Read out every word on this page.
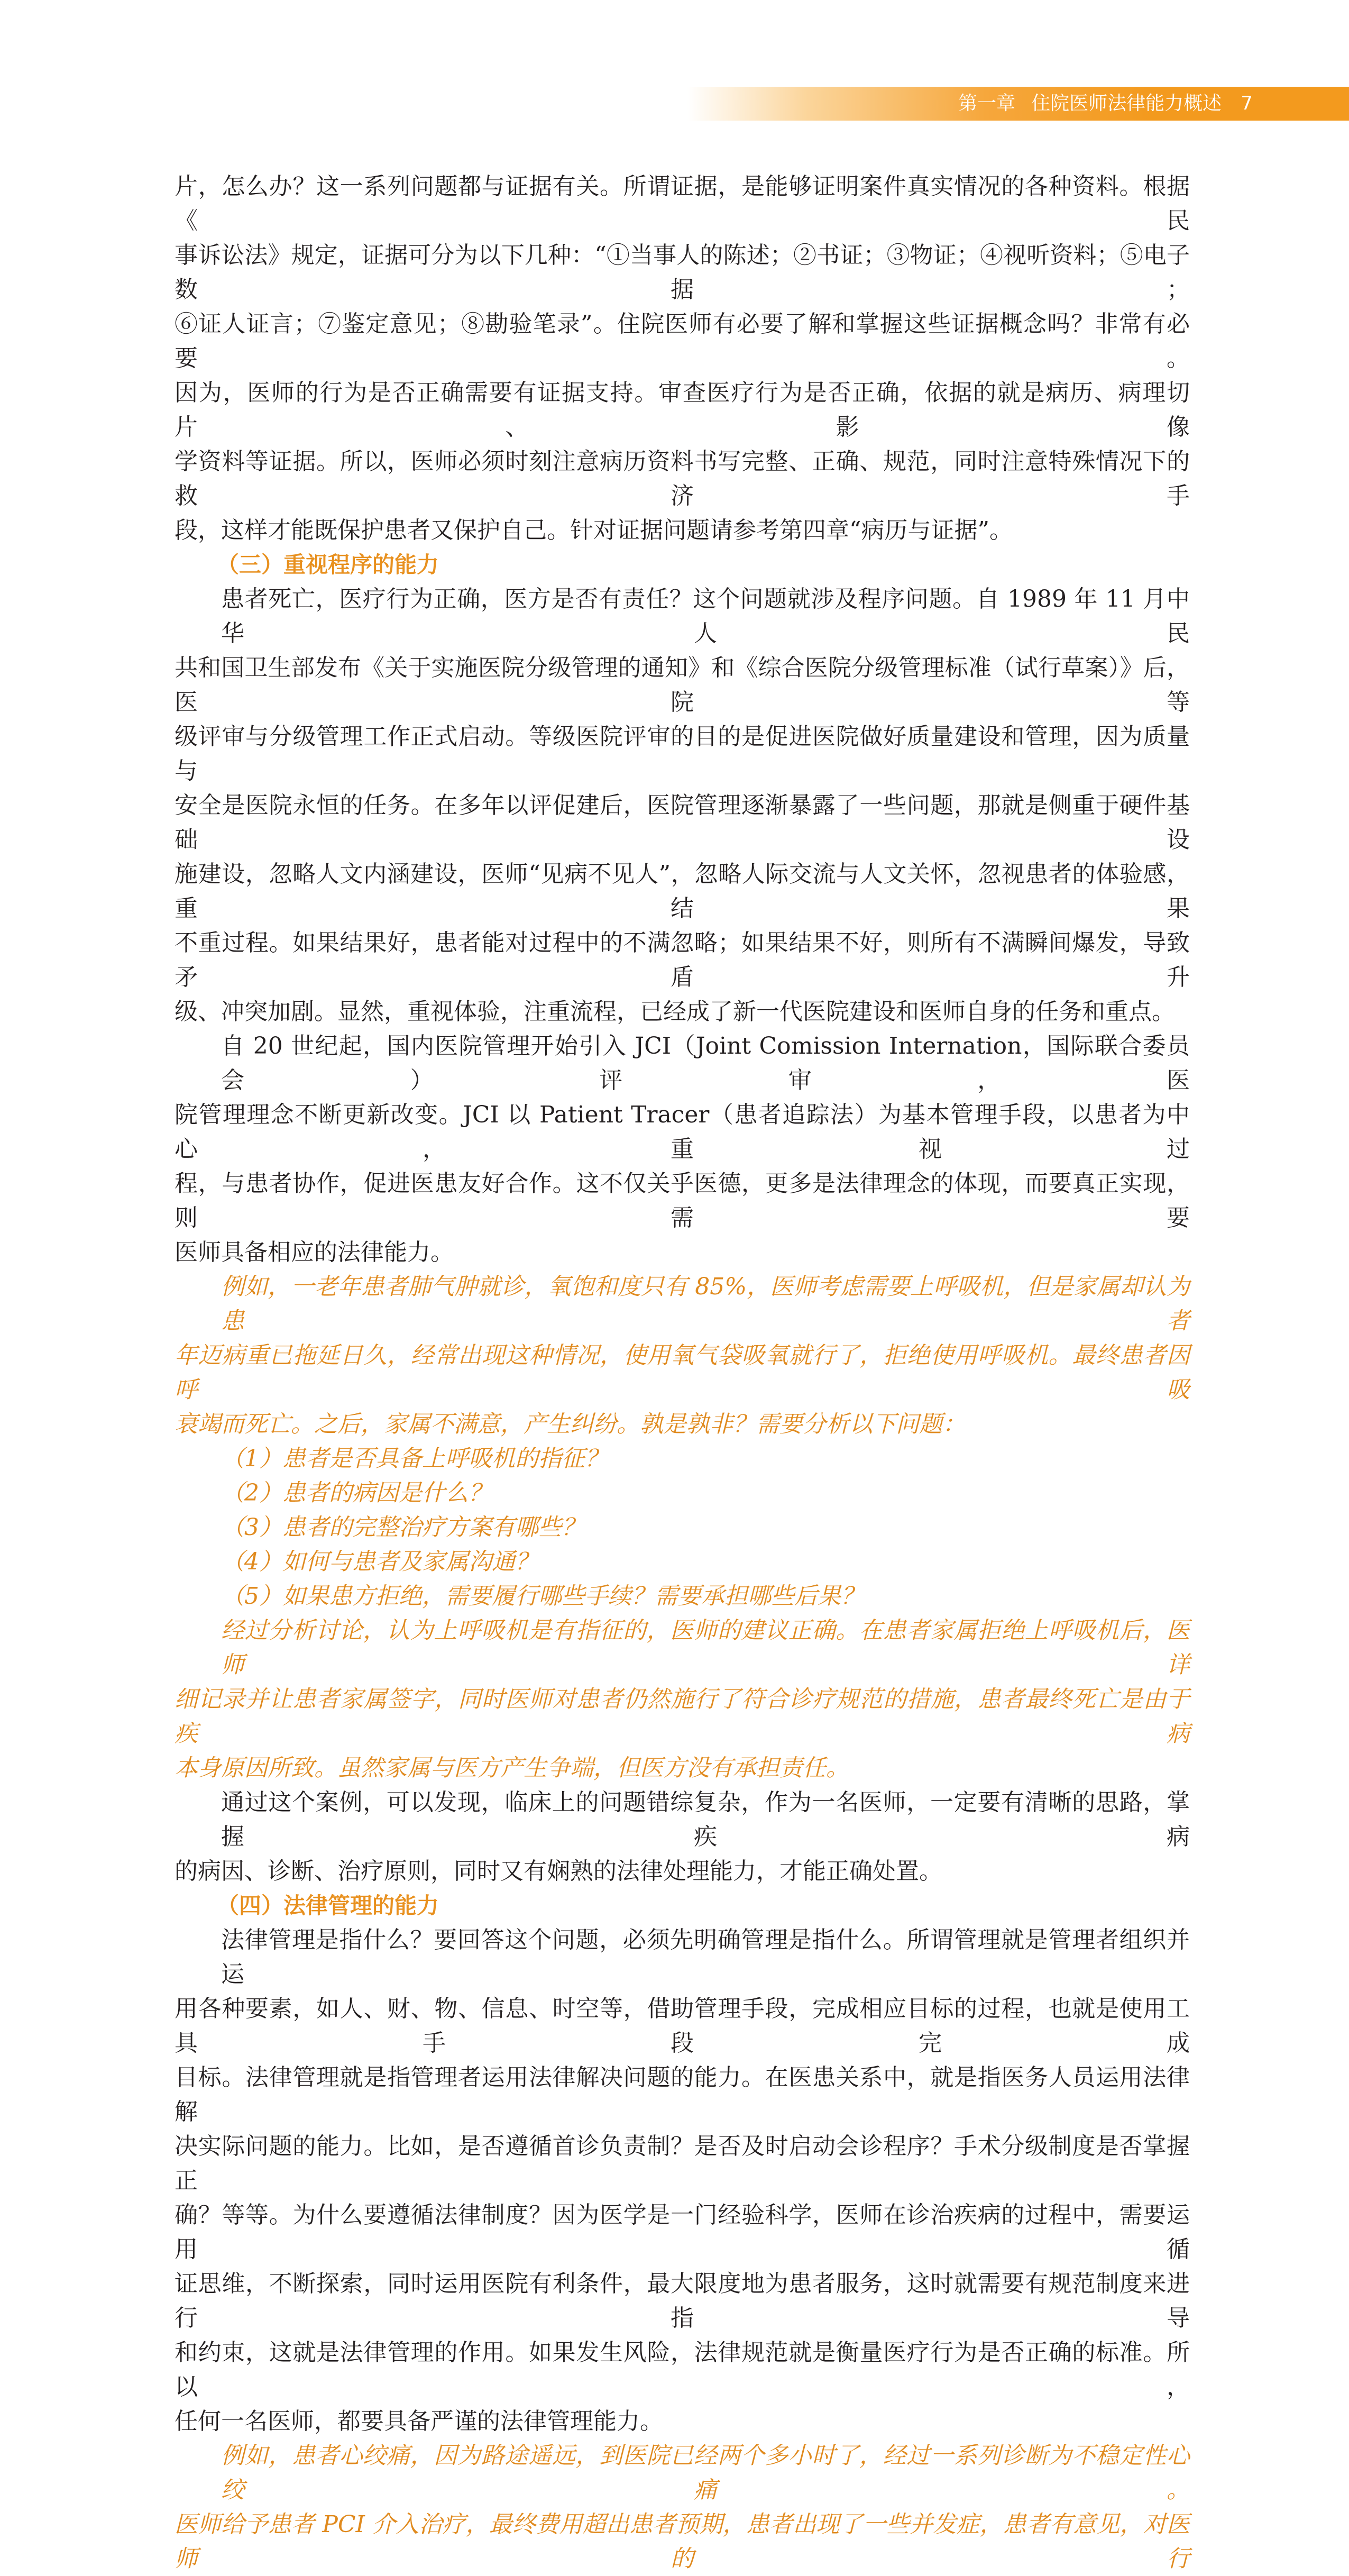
第一章 住院医师法律能力概述 7
片，怎么办？这一系列问题都与证据有关。所谓证据，是能够证明案件真实情况的各种资料。根据《民
事诉讼法》规定，证据可分为以下几种：“①当事人的陈述；②书证；③物证；④视听资料；⑤电子数据；
⑥证人证言；⑦鉴定意见；⑧勘验笔录”。住院医师有必要了解和掌握这些证据概念吗？非常有必要。
因为，医师的行为是否正确需要有证据支持。审查医疗行为是否正确，依据的就是病历、病理切片、影像
学资料等证据。所以，医师必须时刻注意病历资料书写完整、正确、规范，同时注意特殊情况下的救济手
段，这样才能既保护患者又保护自己。针对证据问题请参考第四章“病历与证据”。
（三）重视程序的能力
患者死亡，医疗行为正确，医方是否有责任？这个问题就涉及程序问题。自 1989 年 11 月中华人民
共和国卫生部发布《关于实施医院分级管理的通知》和《综合医院分级管理标准（试行草案）》后，医院等
级评审与分级管理工作正式启动。等级医院评审的目的是促进医院做好质量建设和管理，因为质量与
安全是医院永恒的任务。在多年以评促建后，医院管理逐渐暴露了一些问题，那就是侧重于硬件基础设
施建设，忽略人文内涵建设，医师“见病不见人”，忽略人际交流与人文关怀，忽视患者的体验感，重结果
不重过程。如果结果好，患者能对过程中的不满忽略；如果结果不好，则所有不满瞬间爆发，导致矛盾升
级、冲突加剧。显然，重视体验，注重流程，已经成了新一代医院建设和医师自身的任务和重点。
自 20 世纪起，国内医院管理开始引入 JCI（Joint Comission Internation，国际联合委员会）评审，医
院管理理念不断更新改变。JCI 以 Patient Tracer（患者追踪法）为基本管理手段，以患者为中心，重视过
程，与患者协作，促进医患友好合作。这不仅关乎医德，更多是法律理念的体现，而要真正实现，则需要
医师具备相应的法律能力。
例如，一老年患者肺气肿就诊，氧饱和度只有 85%，医师考虑需要上呼吸机，但是家属却认为患者
年迈病重已拖延日久，经常出现这种情况，使用氧气袋吸氧就行了，拒绝使用呼吸机。最终患者因呼吸
衰竭而死亡。之后，家属不满意，产生纠纷。孰是孰非？需要分析以下问题：
（1）患者是否具备上呼吸机的指征？
（2）患者的病因是什么？
（3）患者的完整治疗方案有哪些？
（4）如何与患者及家属沟通？
（5）如果患方拒绝，需要履行哪些手续？需要承担哪些后果？
经过分析讨论，认为上呼吸机是有指征的，医师的建议正确。在患者家属拒绝上呼吸机后，医师详
细记录并让患者家属签字，同时医师对患者仍然施行了符合诊疗规范的措施，患者最终死亡是由于疾病
本身原因所致。虽然家属与医方产生争端，但医方没有承担责任。
通过这个案例，可以发现，临床上的问题错综复杂，作为一名医师，一定要有清晰的思路，掌握疾病
的病因、诊断、治疗原则，同时又有娴熟的法律处理能力，才能正确处置。
（四）法律管理的能力
法律管理是指什么？要回答这个问题，必须先明确管理是指什么。所谓管理就是管理者组织并运
用各种要素，如人、财、物、信息、时空等，借助管理手段，完成相应目标的过程，也就是使用工具手段完成
目标。法律管理就是指管理者运用法律解决问题的能力。在医患关系中，就是指医务人员运用法律解
决实际问题的能力。比如，是否遵循首诊负责制？是否及时启动会诊程序？手术分级制度是否掌握正
确？等等。为什么要遵循法律制度？因为医学是一门经验科学，医师在诊治疾病的过程中，需要运用循
证思维，不断探索，同时运用医院有利条件，最大限度地为患者服务，这时就需要有规范制度来进行指导
和约束，这就是法律管理的作用。如果发生风险，法律规范就是衡量医疗行为是否正确的标准。所以，
任何一名医师，都要具备严谨的法律管理能力。
例如，患者心绞痛，因为路途遥远，到医院已经两个多小时了，经过一系列诊断为不稳定性心绞痛。
医师给予患者 PCI 介入治疗，最终费用超出患者预期，患者出现了一些并发症，患者有意见，对医师的行
